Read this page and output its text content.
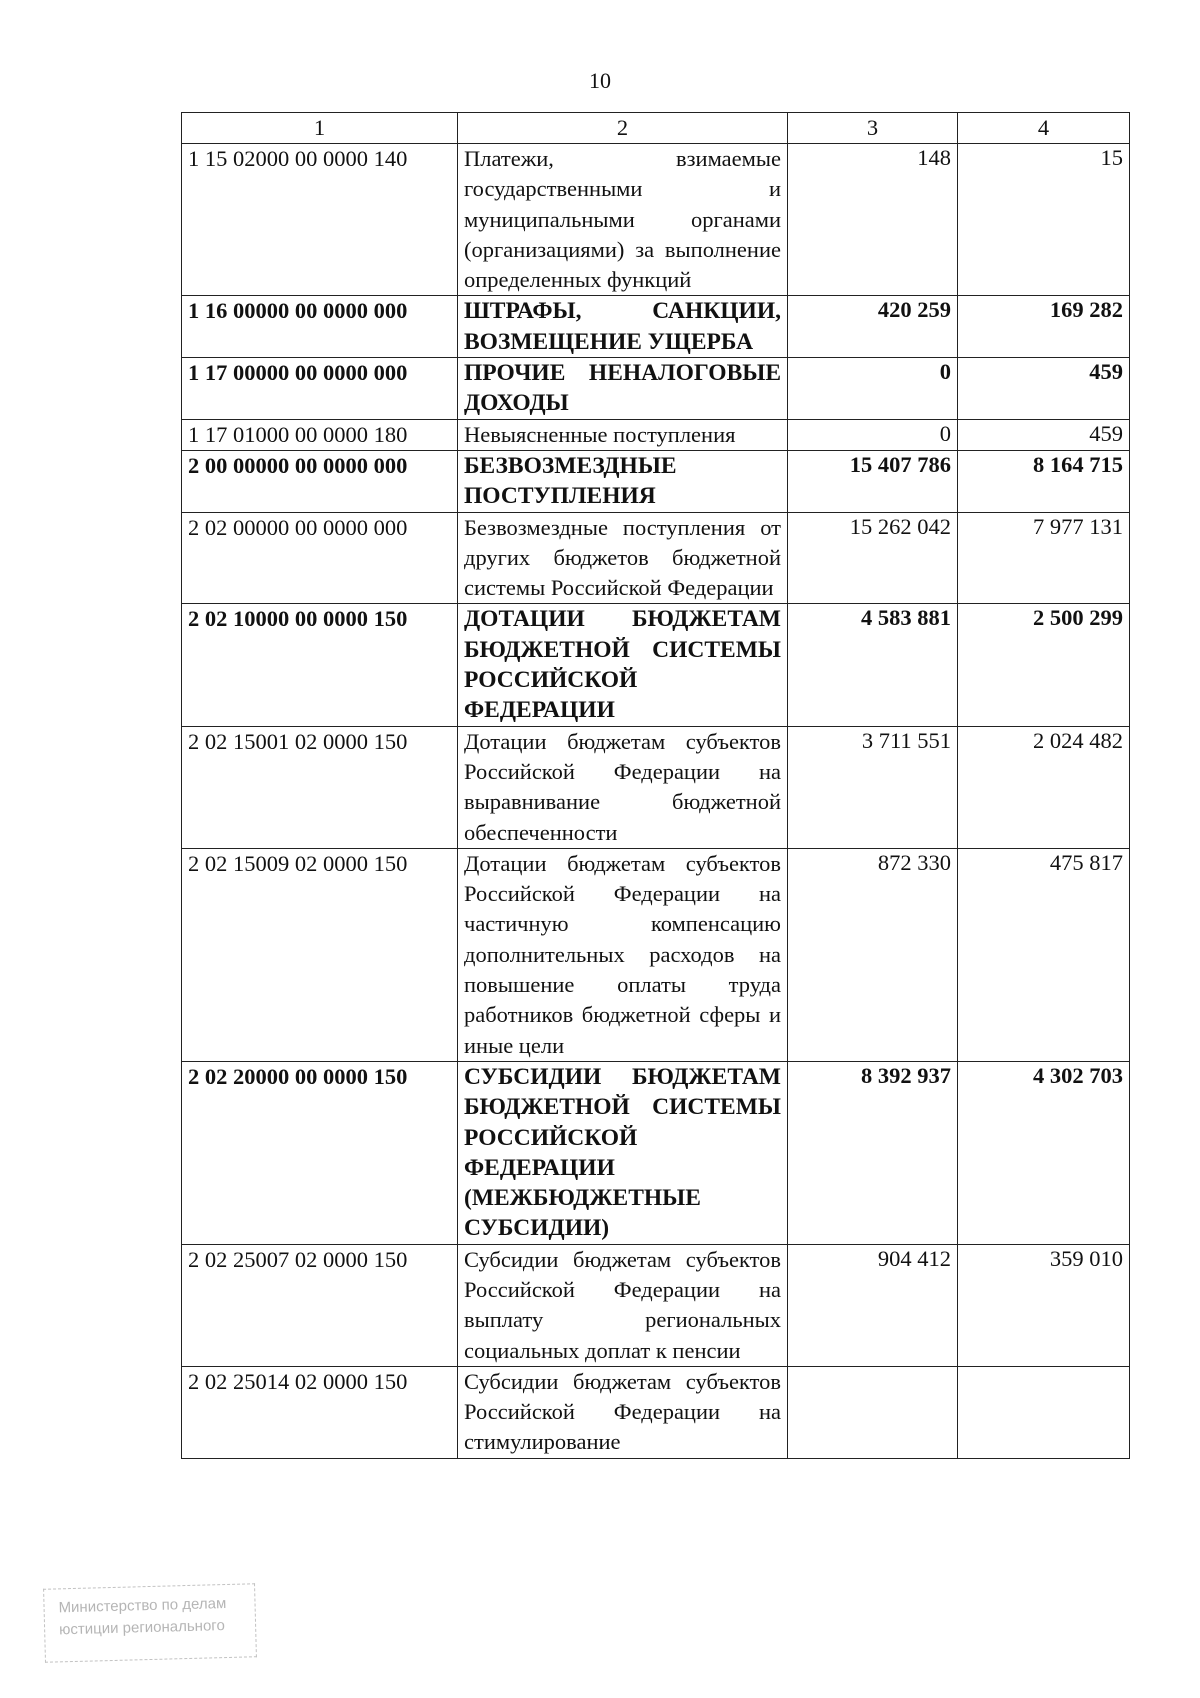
10
1	2	3	4
1 15 02000 00 0000 140	Платежи, взимаемые государственными и муниципальными органами (организациями) за выполнение определенных функций	148	15
1 16 00000 00 0000 000	ШТРАФЫ, САНКЦИИ, ВОЗМЕЩЕНИЕ УЩЕРБА	420 259	169 282
1 17 00000 00 0000 000	ПРОЧИЕ НЕНАЛОГОВЫЕ ДОХОДЫ	0	459
1 17 01000 00 0000 180	Невыясненные поступления	0	459
2 00 00000 00 0000 000	БЕЗВОЗМЕЗДНЫЕ ПОСТУПЛЕНИЯ	15 407 786	8 164 715
2 02 00000 00 0000 000	Безвозмездные поступления от других бюджетов бюджетной системы Российской Федерации	15 262 042	7 977 131
2 02 10000 00 0000 150	ДОТАЦИИ БЮДЖЕТАМ БЮДЖЕТНОЙ СИСТЕМЫ РОССИЙСКОЙ ФЕДЕРАЦИИ	4 583 881	2 500 299
2 02 15001 02 0000 150	Дотации бюджетам субъектов Российской Федерации на выравнивание бюджетной обеспеченности	3 711 551	2 024 482
2 02 15009 02 0000 150	Дотации бюджетам субъектов Российской Федерации на частичную компенсацию дополнительных расходов на повышение оплаты труда работников бюджетной сферы и иные цели	872 330	475 817
2 02 20000 00 0000 150	СУБСИДИИ БЮДЖЕТАМ БЮДЖЕТНОЙ СИСТЕМЫ РОССИЙСКОЙ ФЕДЕРАЦИИ (МЕЖБЮДЖЕТНЫЕ СУБСИДИИ)	8 392 937	4 302 703
2 02 25007 02 0000 150	Субсидии бюджетам субъектов Российской Федерации на выплату региональных социальных доплат к пенсии	904 412	359 010
2 02 25014 02 0000 150	Субсидии бюджетам субъектов Российской Федерации на стимулирование		
Министерство по делам юстиции регионального
